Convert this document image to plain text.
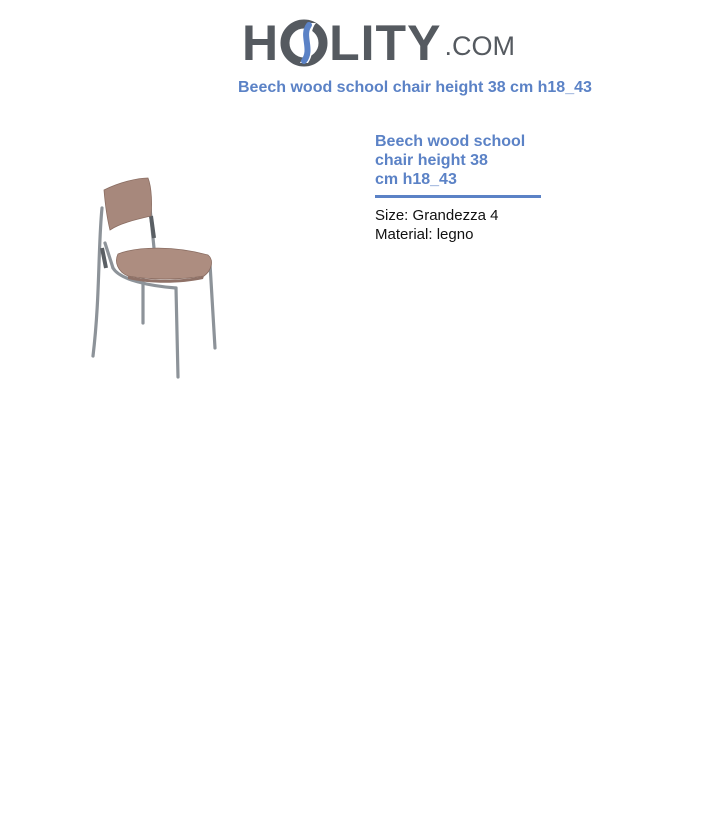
H LITY .COM
Beech wood school chair height 38 cm h18_43
Beech wood school
chair height 38
cm h18_43
Size: Grandezza 4
Material: legno
